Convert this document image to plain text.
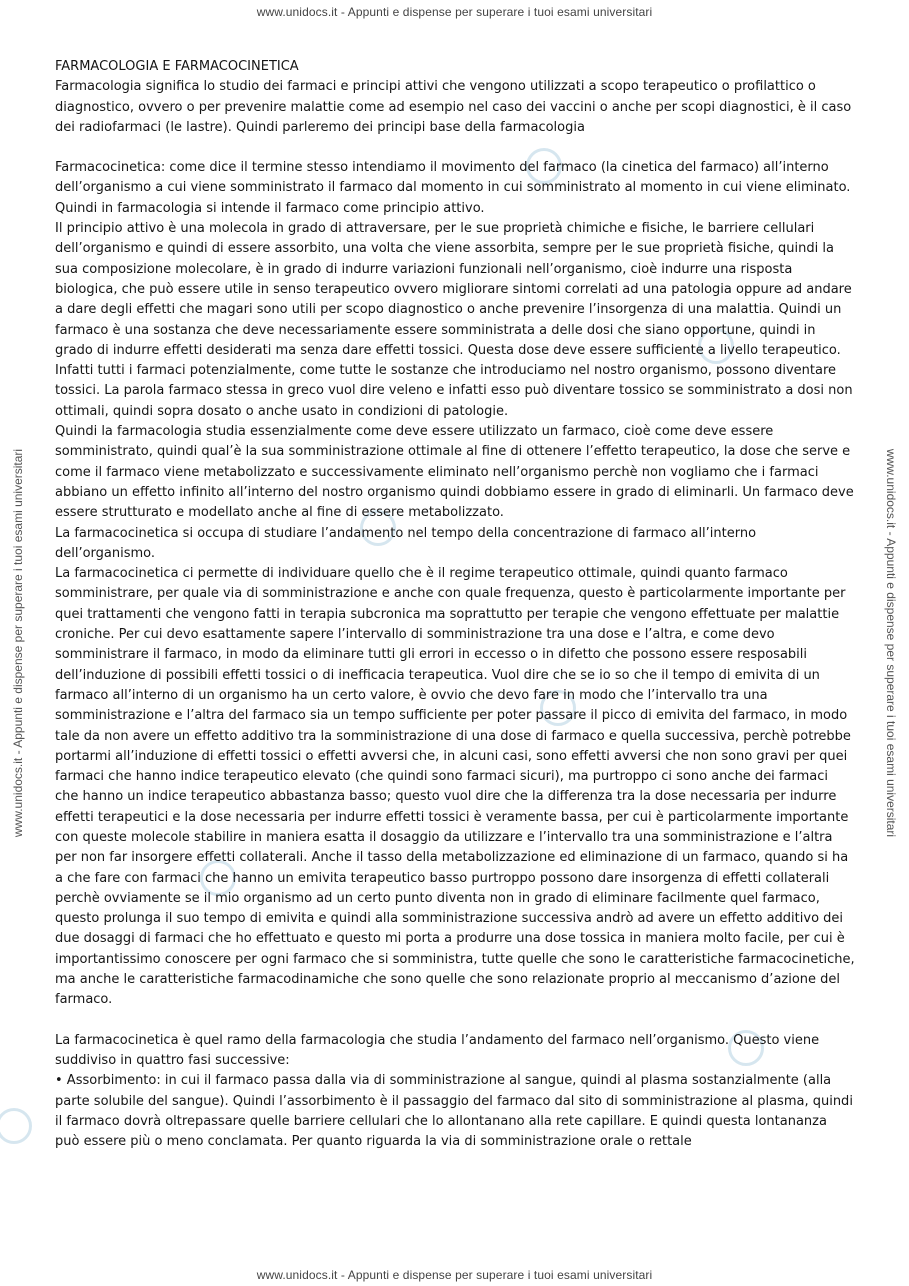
www.unidocs.it - Appunti e dispense per superare i tuoi esami universitari
www.unidocs.it - Appunti e dispense per superare i tuoi esami universitari	www.unidocs.it - Appunti e dispense per superare i tuoi esami universitari

FARMACOLOGIA E FARMACOCINETICA

Farmacologia significa lo studio dei farmaci e principi attivi che vengono utilizzati a scopo terapeutico o profilattico o diagnostico, ovvero o per prevenire malattie come ad esempio nel caso dei vaccini o anche per scopi diagnostici, è il caso dei radiofarmaci (le lastre). Quindi parleremo dei principi base della farmacologia

Farmacocinetica: come dice il termine stesso intendiamo il movimento del farmaco (la cinetica del farmaco) all’interno dell’organismo a cui viene somministrato il farmaco dal momento in cui somministrato al momento in cui viene eliminato.

Quindi in farmacologia si intende il farmaco come principio attivo.

Il principio attivo è una molecola in grado di attraversare, per le sue proprietà chimiche e fisiche, le barriere cellulari dell’organismo e quindi di essere assorbito, una volta che viene assorbita, sempre per le sue proprietà fisiche, quindi la sua composizione molecolare, è in grado di indurre variazioni funzionali nell’organismo, cioè indurre una risposta biologica, che può essere utile in senso terapeutico ovvero migliorare sintomi correlati ad una patologia oppure ad andare a dare degli effetti che magari sono utili per scopo diagnostico o anche prevenire l’insorgenza di una malattia. Quindi un farmaco è una sostanza che deve necessariamente essere somministrata a delle dosi che siano opportune, quindi in grado di indurre effetti desiderati ma senza dare effetti tossici. Questa dose deve essere sufficiente a livello terapeutico.

Infatti tutti i farmaci potenzialmente, come tutte le sostanze che introduciamo nel nostro organismo, possono diventare tossici. La parola farmaco stessa in greco vuol dire veleno e infatti esso può diventare tossico se somministrato a dosi non ottimali, quindi sopra dosato o anche usato in condizioni di patologie.

Quindi la farmacologia studia essenzialmente come deve essere utilizzato un farmaco, cioè come deve essere somministrato, quindi qual’è la sua somministrazione ottimale al fine di ottenere l’effetto terapeutico, la dose che serve e come il farmaco viene metabolizzato e successivamente eliminato nell’organismo perchè non vogliamo che i farmaci abbiano un effetto infinito all’interno del nostro organismo quindi dobbiamo essere in grado di eliminarli. Un farmaco deve essere strutturato e modellato anche al fine di essere metabolizzato.

La farmacocinetica si occupa di studiare l’andamento nel tempo della concentrazione di farmaco all’interno dell’organismo.

La farmacocinetica ci permette di individuare quello che è il regime terapeutico ottimale, quindi quanto farmaco somministrare, per quale via di somministrazione e anche con quale frequenza, questo è particolarmente importante per quei trattamenti che vengono fatti in terapia subcronica ma soprattutto per terapie che vengono effettuate per malattie croniche. Per cui devo esattamente sapere l’intervallo di somministrazione tra una dose e l’altra, e come devo somministrare il farmaco, in modo da eliminare tutti gli errori in eccesso o in difetto che possono essere resposabili dell’induzione di possibili effetti tossici o di inefficacia terapeutica. Vuol dire che se io so che il tempo di emivita di un farmaco all’interno di un organismo ha un certo valore, è ovvio che devo fare in modo che l’intervallo tra una somministrazione e l’altra del farmaco sia un tempo sufficiente per poter passare il picco di emivita del farmaco, in modo tale da non avere un effetto additivo tra la somministrazione di una dose di farmaco e quella successiva, perchè potrebbe portarmi all’induzione di effetti tossici o effetti avversi che, in alcuni casi, sono effetti avversi che non sono gravi per quei farmaci che hanno indice terapeutico elevato (che quindi sono farmaci sicuri), ma purtroppo ci sono anche dei farmaci che hanno un indice terapeutico abbastanza basso; questo vuol dire che la differenza tra la dose necessaria per indurre effetti terapeutici e la dose necessaria per indurre effetti tossici è veramente bassa, per cui è particolarmente importante con queste molecole stabilire in maniera esatta il dosaggio da utilizzare e l’intervallo tra una somministrazione e l’altra per non far insorgere effetti collaterali. Anche il tasso della metabolizzazione ed eliminazione di un farmaco, quando si ha a che fare con farmaci che hanno un emivita terapeutico basso purtroppo possono dare insorgenza di effetti collaterali perchè ovviamente se il mio organismo ad un certo punto diventa non in grado di eliminare facilmente quel farmaco, questo prolunga il suo tempo di emivita e quindi alla somministrazione successiva andrò ad avere un effetto additivo dei due dosaggi di farmaci che ho effettuato e questo mi porta a produrre una dose tossica in maniera molto facile, per cui è importantissimo conoscere per ogni farmaco che si somministra, tutte quelle che sono le caratteristiche farmacocinetiche, ma anche le caratteristiche farmacodinamiche che sono quelle che sono relazionate proprio al meccanismo d’azione del farmaco.

La farmacocinetica è quel ramo della farmacologia che studia l’andamento del farmaco nell’organismo. Questo viene suddiviso in quattro fasi successive:

• Assorbimento: in cui il farmaco passa dalla via di somministrazione al sangue, quindi al plasma sostanzialmente (alla parte solubile del sangue). Quindi l’assorbimento è il passaggio del farmaco dal sito di somministrazione al plasma, quindi il farmaco dovrà oltrepassare quelle barriere cellulari che lo allontanano alla rete capillare. E quindi questa lontananza può essere più o meno conclamata. Per quanto riguarda la via di somministrazione orale o rettale

www.unidocs.it - Appunti e dispense per superare i tuoi esami universitari
